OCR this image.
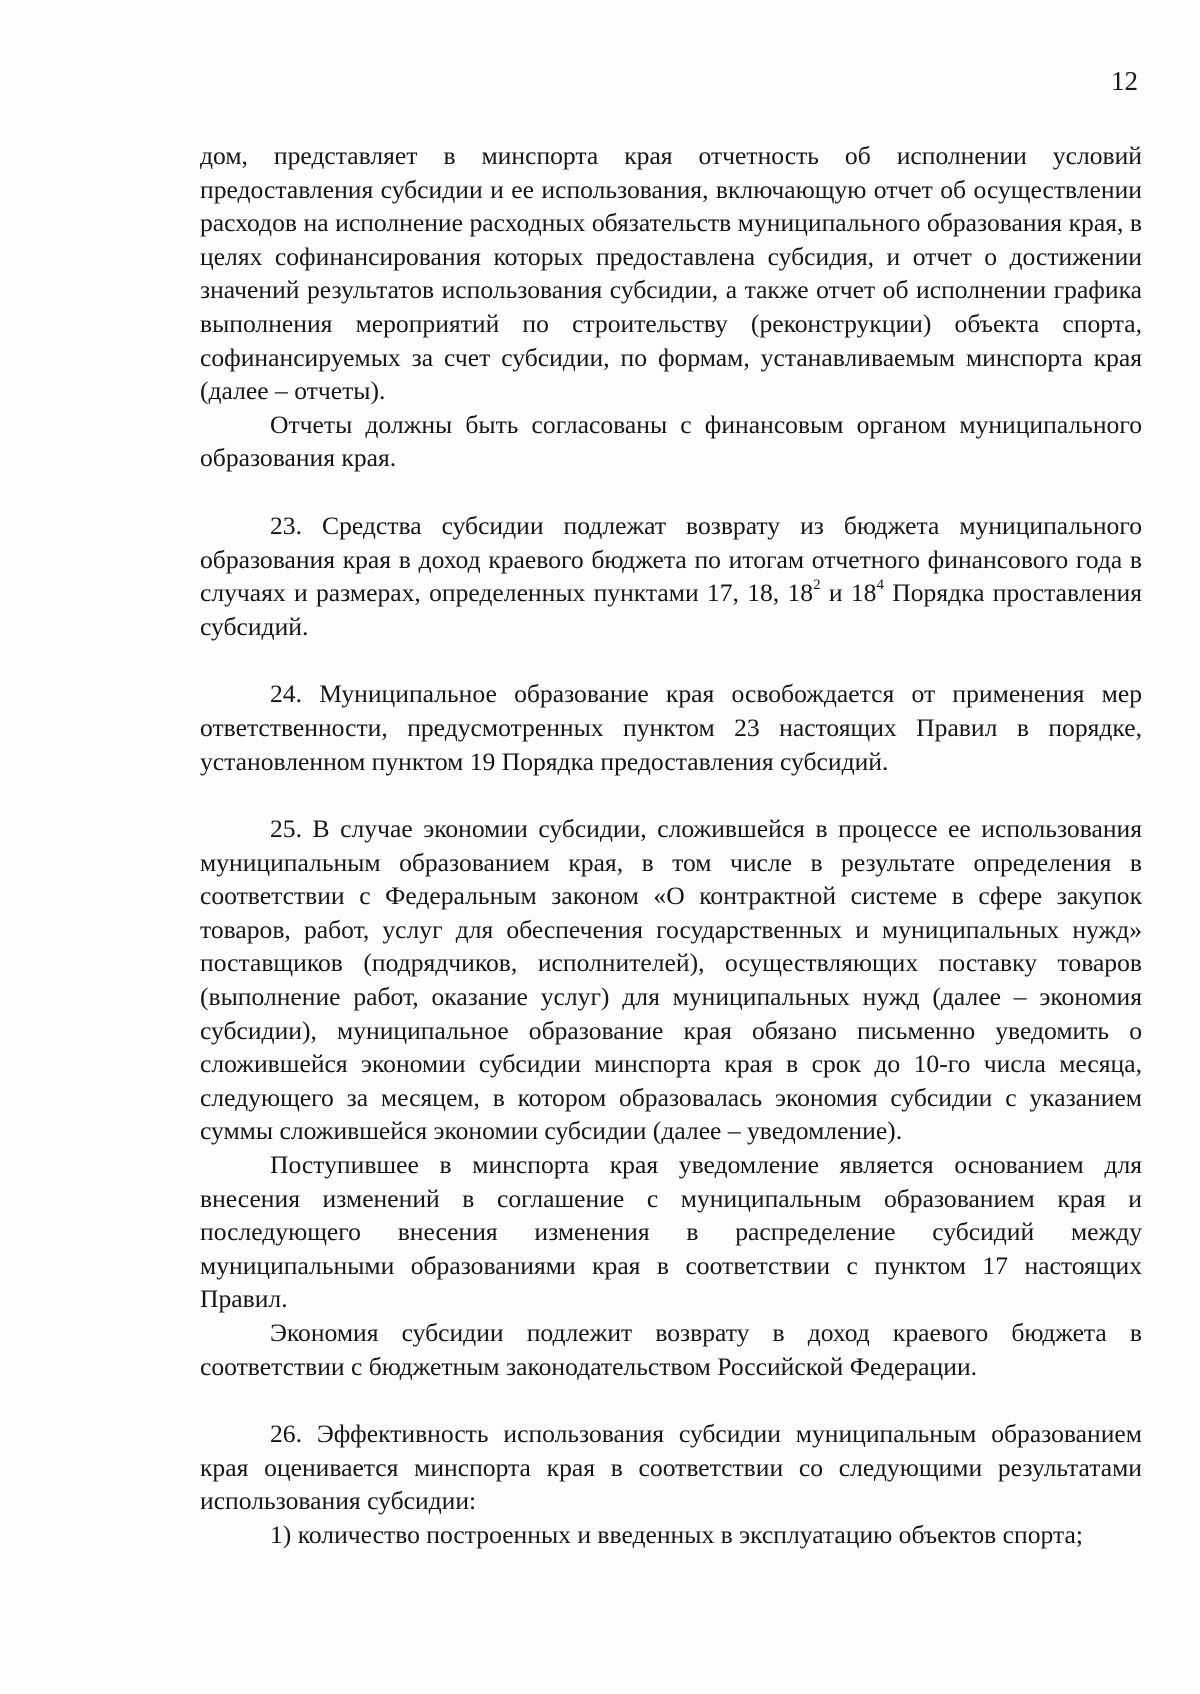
12

дом, представляет в минспорта края отчетность об исполнении условий предоставления субсидии и ее использования, включающую отчет об осуществлении расходов на исполнение расходных обязательств муниципального образования края, в целях софинансирования которых предоставлена субсидия, и отчет о достижении значений результатов использования субсидии, а также отчет об исполнении графика выполнения мероприятий по строительству (реконструкции) объекта спорта, софинансируемых за счет субсидии, по формам, устанавливаемым минспорта края (далее – отчеты).

Отчеты должны быть согласованы с финансовым органом муниципального образования края.

23. Средства субсидии подлежат возврату из бюджета муниципального образования края в доход краевого бюджета по итогам отчетного финансового года в случаях и размерах, определенных пунктами 17, 18, $18^2$ и $18^4$ Порядка проставления субсидий.

24. Муниципальное образование края освобождается от применения мер ответственности, предусмотренных пунктом 23 настоящих Правил в порядке, установленном пунктом 19 Порядка предоставления субсидий.

25. В случае экономии субсидии, сложившейся в процессе ее использования муниципальным образованием края, в том числе в результате определения в соответствии с Федеральным законом «О контрактной системе в сфере закупок товаров, работ, услуг для обеспечения государственных и муниципальных нужд» поставщиков (подрядчиков, исполнителей), осуществляющих поставку товаров (выполнение работ, оказание услуг) для муниципальных нужд (далее – экономия субсидии), муниципальное образование края обязано письменно уведомить о сложившейся экономии субсидии минспорта края в срок до 10-го числа месяца, следующего за месяцем, в котором образовалась экономия субсидии с указанием суммы сложившейся экономии субсидии (далее – уведомление).

Поступившее в минспорта края уведомление является основанием для внесения изменений в соглашение с муниципальным образованием края и последующего внесения изменения в распределение субсидий между муниципальными образованиями края в соответствии с пунктом 17 настоящих Правил.

Экономия субсидии подлежит возврату в доход краевого бюджета в соответствии с бюджетным законодательством Российской Федерации.

26. Эффективность использования субсидии муниципальным образованием края оценивается минспорта края в соответствии со следующими результатами использования субсидии:

1) количество построенных и введенных в эксплуатацию объектов спорта;
